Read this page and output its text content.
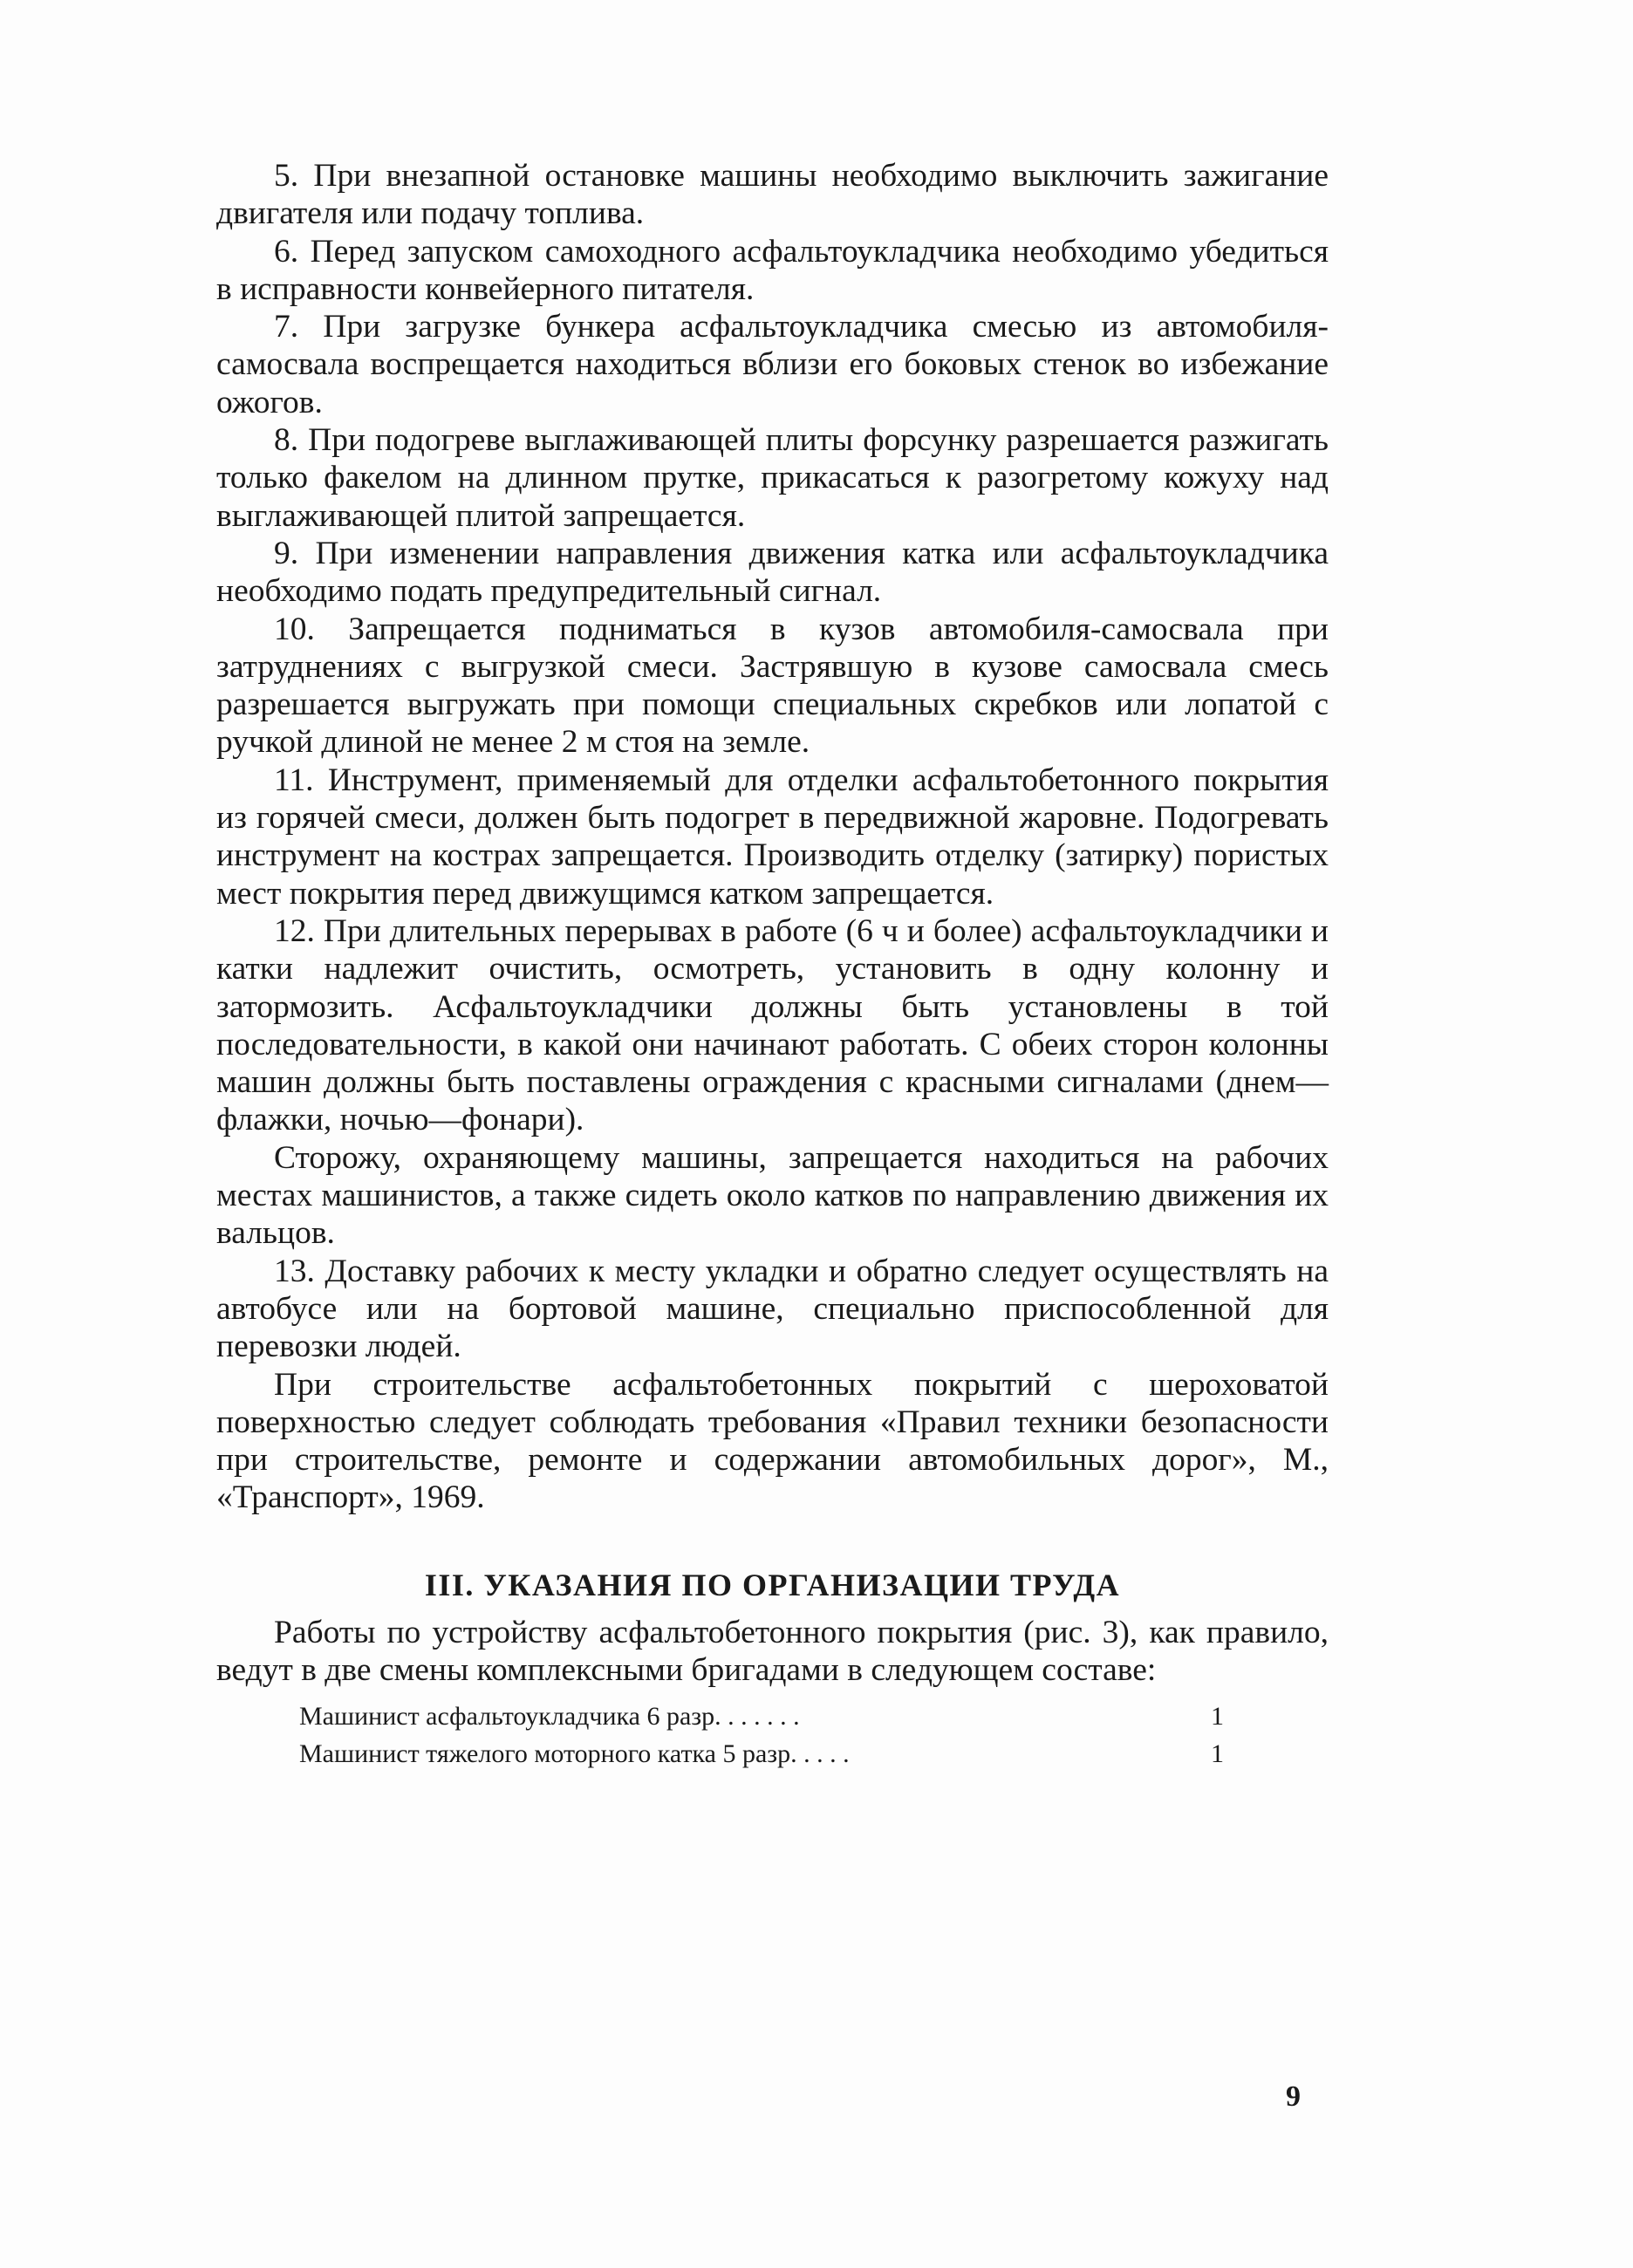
5. При внезапной остановке машины необходимо выключить зажигание двигателя или подачу топлива.

6. Перед запуском самоходного асфальтоукладчика необходимо убедиться в исправности конвейерного питателя.

7. При загрузке бункера асфальтоукладчика смесью из автомобиля-самосвала воспрещается находиться вблизи его боковых стенок во избежание ожогов.

8. При подогреве выглаживающей плиты форсунку разрешается разжигать только факелом на длинном прутке, прикасаться к разогретому кожуху над выглаживающей плитой запрещается.

9. При изменении направления движения катка или асфальтоукладчика необходимо подать предупредительный сигнал.

10. Запрещается подниматься в кузов автомобиля-самосвала при затруднениях с выгрузкой смеси. Застрявшую в кузове самосвала смесь разрешается выгружать при помощи специальных скребков или лопатой с ручкой длиной не менее 2 м стоя на земле.

11. Инструмент, применяемый для отделки асфальтобетонного покрытия из горячей смеси, должен быть подогрет в передвижной жаровне. Подогревать инструмент на кострах запрещается. Производить отделку (затирку) пористых мест покрытия перед движущимся катком запрещается.

12. При длительных перерывах в работе (6 ч и более) асфальтоукладчики и катки надлежит очистить, осмотреть, установить в одну колонну и затормозить. Асфальтоукладчики должны быть установлены в той последовательности, в какой они начинают работать. С обеих сторон колонны машин должны быть поставлены ограждения с красными сигналами (днем—флажки, ночью—фонари).

Сторожу, охраняющему машины, запрещается находиться на рабочих местах машинистов, а также сидеть около катков по направлению движения их вальцов.

13. Доставку рабочих к месту укладки и обратно следует осуществлять на автобусе или на бортовой машине, специально приспособленной для перевозки людей.

При строительстве асфальтобетонных покрытий с шероховатой поверхностью следует соблюдать требования «Правил техники безопасности при строительстве, ремонте и содержании автомобильных дорог», М., «Транспорт», 1969.

III. УКАЗАНИЯ ПО ОРГАНИЗАЦИИ ТРУДА

Работы по устройству асфальтобетонного покрытия (рис. 3), как правило, ведут в две смены комплексными бригадами в следующем составе:

Машинист асфальтоукладчика 6 разр. . . . . . .	1
Машинист тяжелого моторного катка 5 разр. . . . .	1
9
